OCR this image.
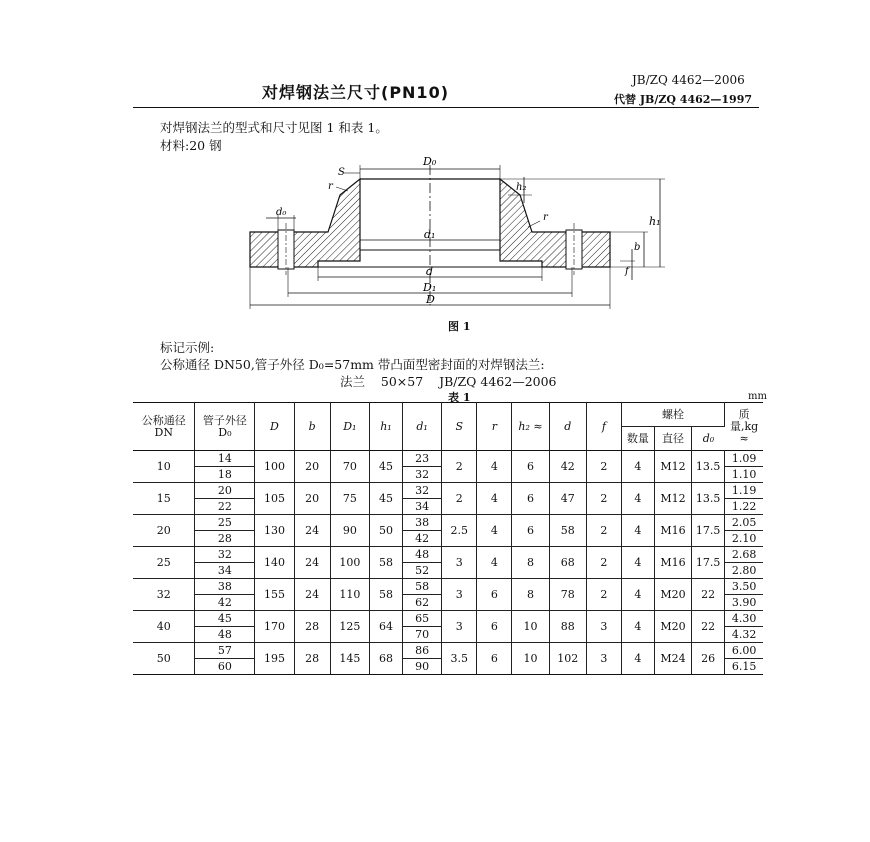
JB/ZQ 4462—2006
对焊钢法兰尺寸(PN10)	代替 JB/ZQ 4462—1997
对焊钢法兰的型式和尺寸见图 1 和表 1。
材料:20 钢
D₀
S
r	h₂
h₁
r
d₀
d₁
b
f
d
D₁
D
图 1
标记示例:
公称通径 DN50,管子外径 D₀=57mm 带凸面型密封面的对焊钢法兰:
法兰    50×57    JB/ZQ 4462—2006
表 1	mm
公称通径 DN	管子外径 D₀	D	b	D₁	h₁	d₁	S	r	h₂ ≈	d	f	螺栓			质量,kg ≈
												数量	直径	d₀	
10	14	100	20	70	45	23	2	4	6	42	2	4	M12	13.5	1.09
	18					32									1.10
15	20	105	20	75	45	32	2	4	6	47	2	4	M12	13.5	1.19
	22					34									1.22
20	25	130	24	90	50	38	2.5	4	6	58	2	4	M16	17.5	2.05
	28					42									2.10
25	32	140	24	100	58	48	3	4	8	68	2	4	M16	17.5	2.68
	34					52									2.80
32	38	155	24	110	58	58	3	6	8	78	2	4	M20	22	3.50
	42					62									3.90
40	45	170	28	125	64	65	3	6	10	88	3	4	M20	22	4.30
	48					70									4.32
50	57	195	28	145	68	86	3.5	6	10	102	3	4	M24	26	6.00
	60					90									6.15
